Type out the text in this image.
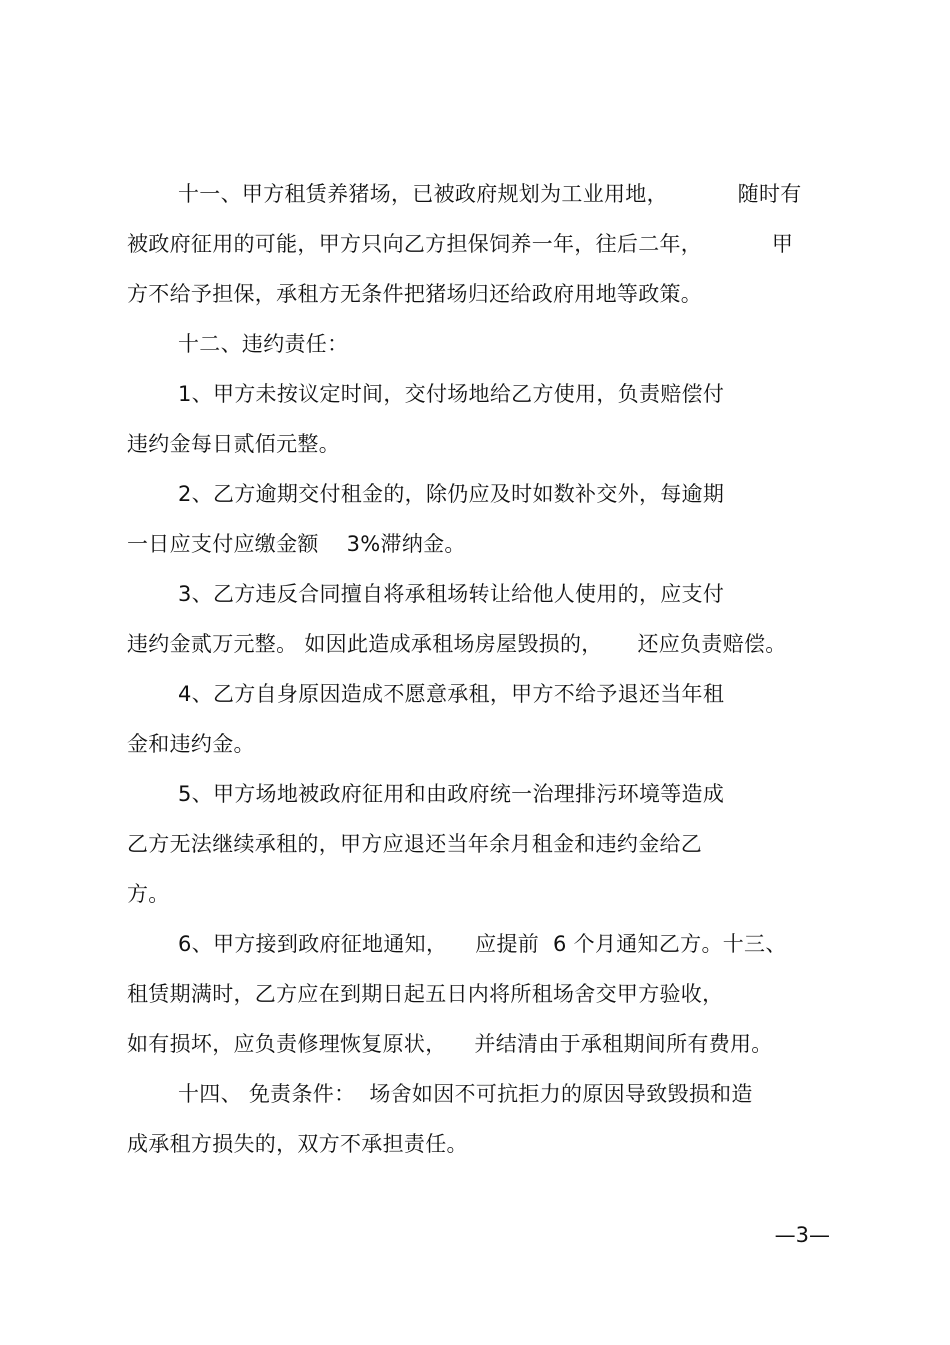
十一、甲方租赁养猪场，已被政府规划为工业用地，          随时有
被政府征用的可能，甲方只向乙方担保饲养一年，往后二年，          甲
方不给予担保，承租方无条件把猪场归还给政府用地等政策。
十二、违约责任：
1、甲方未按议定时间，交付场地给乙方使用，负责赔偿付
违约金每日贰佰元整。
2、乙方逾期交付租金的，除仍应及时如数补交外，每逾期
一日应支付应缴金额    3%滞纳金。
3、乙方违反合同擅自将承租场转让给他人使用的，应支付
违约金贰万元整。 如因此造成承租场房屋毁损的，     还应负责赔偿。
4、乙方自身原因造成不愿意承租，甲方不给予退还当年租
金和违约金。
5、甲方场地被政府征用和由政府统一治理排污环境等造成
乙方无法继续承租的，甲方应退还当年余月租金和违约金给乙
方。
6、甲方接到政府征地通知，    应提前  6 个月通知乙方。十三、
租赁期满时，乙方应在到期日起五日内将所租场舍交甲方验收，
如有损坏，应负责修理恢复原状，    并结清由于承租期间所有费用。
十四、 免责条件：  场舍如因不可抗拒力的原因导致毁损和造
成承租方损失的，双方不承担责任。
—3—
